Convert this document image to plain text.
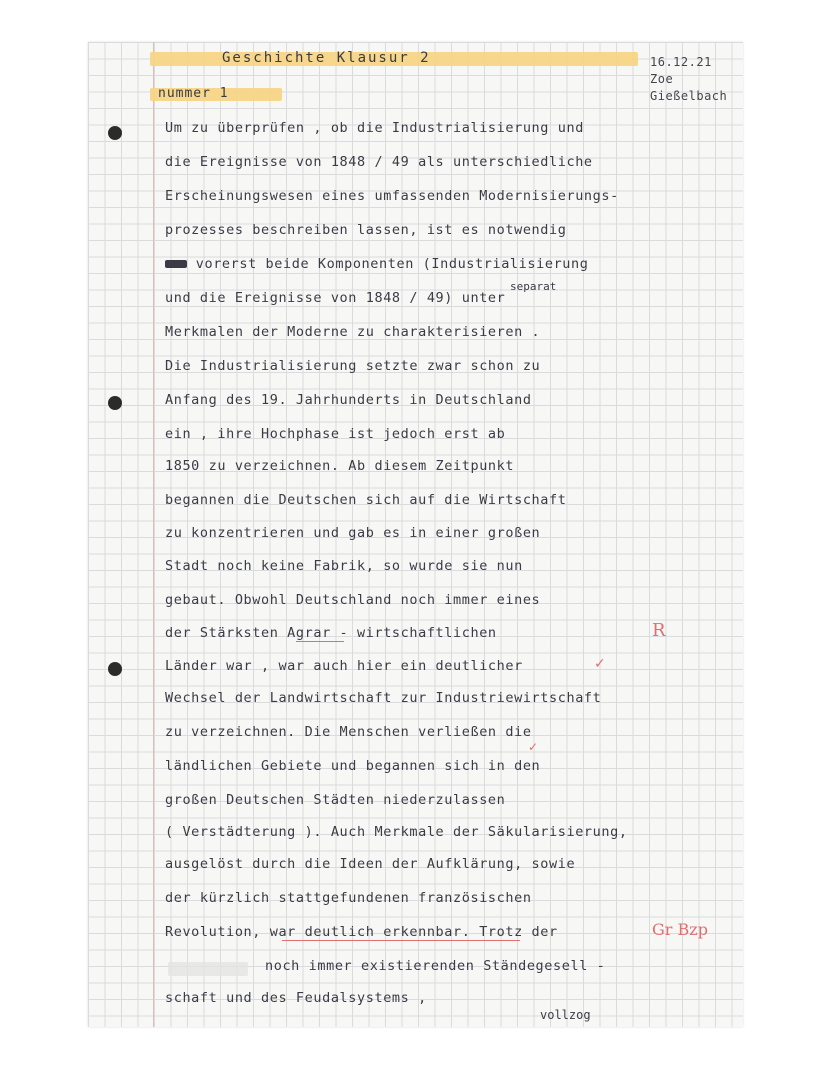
Geschichte Klausur 2
nummer 1
16.12.21
Zoe
Gießelbach
separat
Um zu überprüfen , ob die Industrialisierung und
die Ereignisse von 1848 / 49 als unterschiedliche
Erscheinungswesen eines umfassenden Modernisierungs-
prozesses beschreiben lassen, ist es notwendig
vorerst beide Komponenten (Industrialisierung
und die Ereignisse von 1848 / 49) unter
Merkmalen der Moderne zu charakterisieren .
Die Industrialisierung setzte zwar schon zu
Anfang des 19. Jahrhunderts in Deutschland
ein , ihre Hochphase ist jedoch erst ab
1850 zu verzeichnen. Ab diesem Zeitpunkt
begannen die Deutschen sich auf die Wirtschaft
zu konzentrieren und gab es in einer großen
Stadt noch keine Fabrik, so wurde sie nun
gebaut. Obwohl Deutschland noch immer eines
der Stärksten Agrar - wirtschaftlichen
Länder war , war auch hier ein deutlicher
Wechsel der Landwirtschaft zur Industriewirtschaft
zu verzeichnen. Die Menschen verließen die
ländlichen Gebiete und begannen sich in den
großen Deutschen Städten niederzulassen
( Verstädterung ). Auch Merkmale der Säkularisierung,
ausgelöst durch die Ideen der Aufklärung, sowie
der kürzlich stattgefundenen französischen
Revolution, war deutlich erkennbar. Trotz der
noch immer existierenden Ständegesell -
schaft und des Feudalsystems ,
vollzog
✓
✓
R
Gr Bzp
